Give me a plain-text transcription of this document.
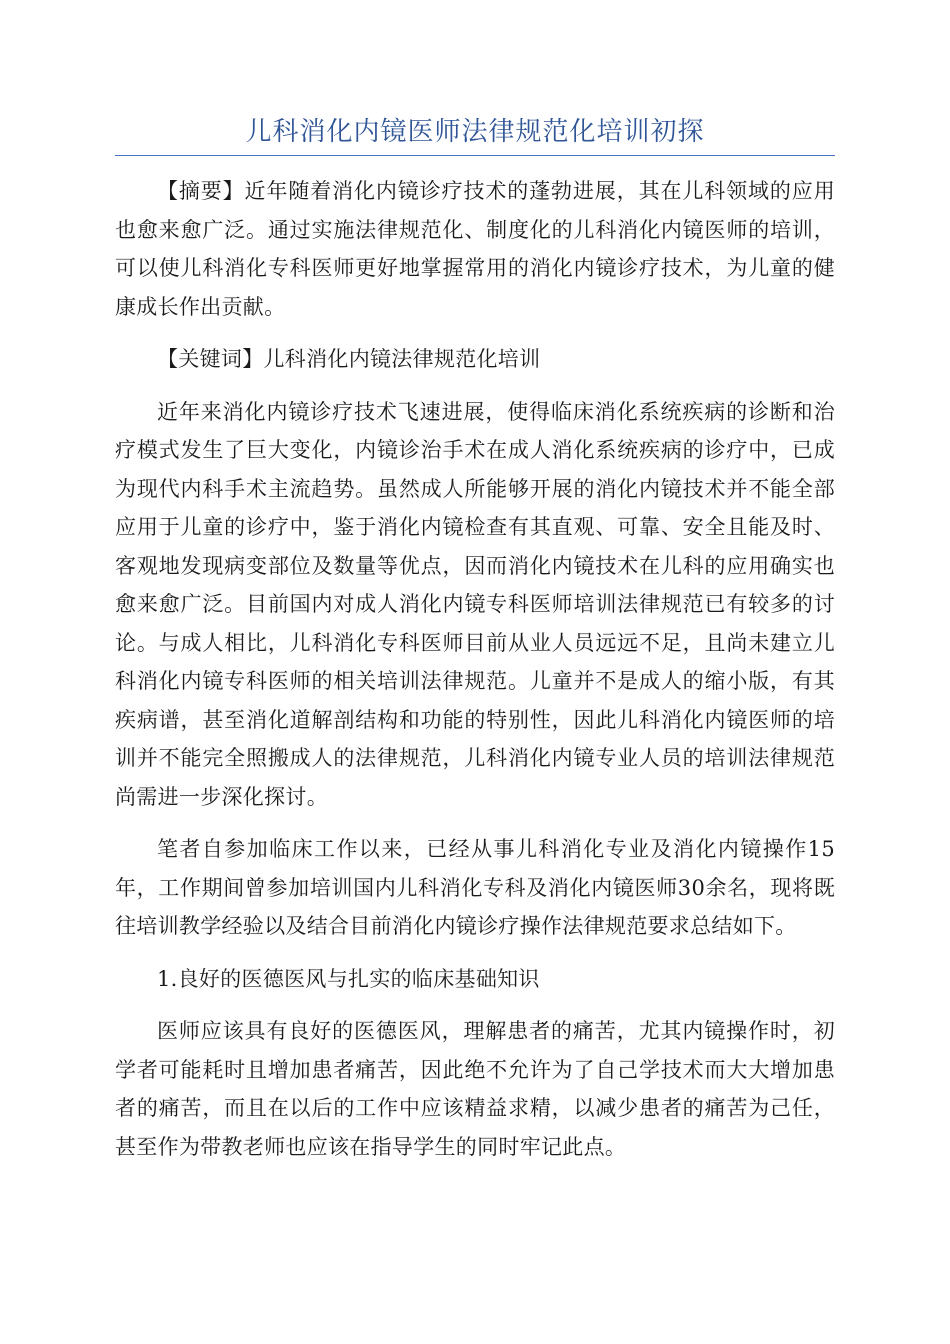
儿科消化内镜医师法律规范化培训初探

【摘要】近年随着消化内镜诊疗技术的蓬勃进展，其在儿科领域的应用也愈来愈广泛。通过实施法律规范化、制度化的儿科消化内镜医师的培训，可以使儿科消化专科医师更好地掌握常用的消化内镜诊疗技术，为儿童的健康成长作出贡献。

【关键词】儿科消化内镜法律规范化培训

近年来消化内镜诊疗技术飞速进展，使得临床消化系统疾病的诊断和治疗模式发生了巨大变化，内镜诊治手术在成人消化系统疾病的诊疗中，已成为现代内科手术主流趋势。虽然成人所能够开展的消化内镜技术并不能全部应用于儿童的诊疗中，鉴于消化内镜检查有其直观、可靠、安全且能及时、客观地发现病变部位及数量等优点，因而消化内镜技术在儿科的应用确实也愈来愈广泛。目前国内对成人消化内镜专科医师培训法律规范已有较多的讨论。与成人相比，儿科消化专科医师目前从业人员远远不足，且尚未建立儿科消化内镜专科医师的相关培训法律规范。儿童并不是成人的缩小版，有其疾病谱，甚至消化道解剖结构和功能的特别性，因此儿科消化内镜医师的培训并不能完全照搬成人的法律规范，儿科消化内镜专业人员的培训法律规范尚需进一步深化探讨。

笔者自参加临床工作以来，已经从事儿科消化专业及消化内镜操作15年，工作期间曾参加培训国内儿科消化专科及消化内镜医师30余名，现将既往培训教学经验以及结合目前消化内镜诊疗操作法律规范要求总结如下。

1.良好的医德医风与扎实的临床基础知识

医师应该具有良好的医德医风，理解患者的痛苦，尤其内镜操作时，初学者可能耗时且增加患者痛苦，因此绝不允许为了自己学技术而大大增加患者的痛苦，而且在以后的工作中应该精益求精，以减少患者的痛苦为己任，甚至作为带教老师也应该在指导学生的同时牢记此点。
